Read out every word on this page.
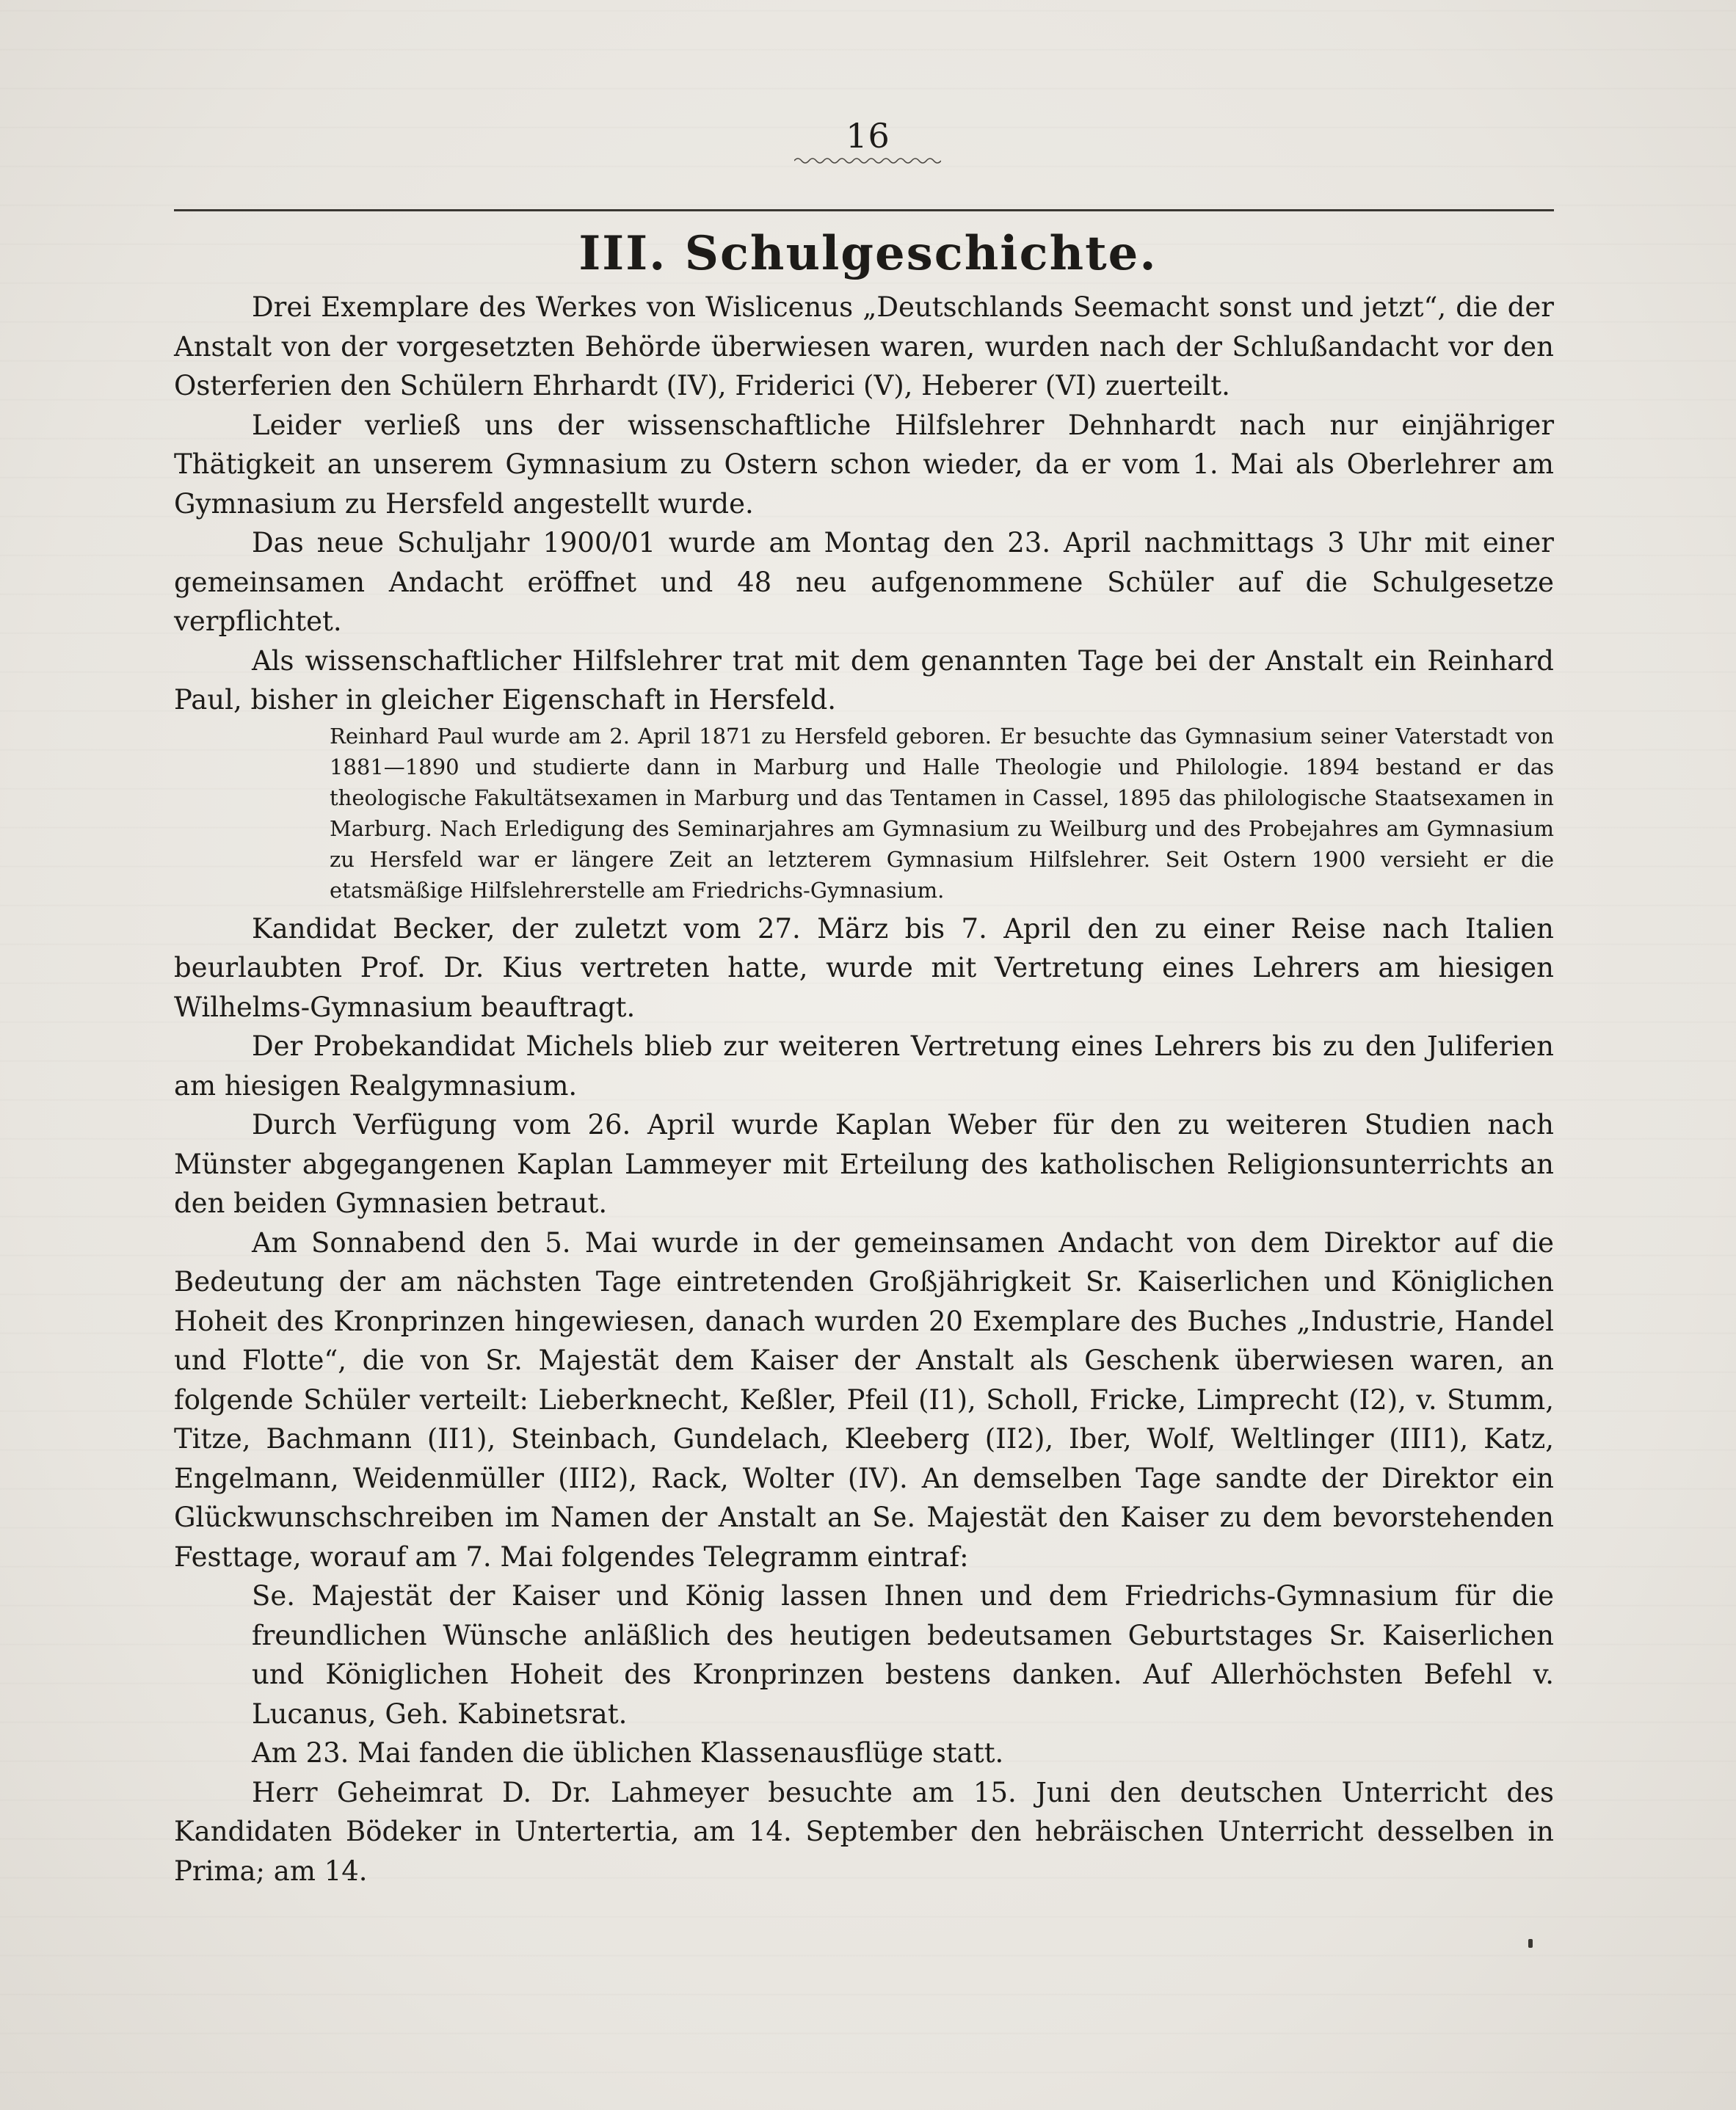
16
III. Schulgeschichte.

Drei Exemplare des Werkes von Wislicenus „Deutschlands Seemacht sonst und jetzt“, die der Anstalt von der vorgesetzten Behörde überwiesen waren, wurden nach der Schlußandacht vor den Osterferien den Schülern Ehrhardt (IV), Friderici (V), Heberer (VI) zuerteilt.

Leider verließ uns der wissenschaftliche Hilfslehrer Dehnhardt nach nur einjähriger Thätigkeit an unserem Gymnasium zu Ostern schon wieder, da er vom 1. Mai als Oberlehrer am Gymnasium zu Hersfeld angestellt wurde.

Das neue Schuljahr 1900/01 wurde am Montag den 23. April nachmittags 3 Uhr mit einer gemeinsamen Andacht eröffnet und 48 neu aufgenommene Schüler auf die Schulgesetze verpflichtet.

Als wissenschaftlicher Hilfslehrer trat mit dem genannten Tage bei der Anstalt ein Reinhard Paul, bisher in gleicher Eigenschaft in Hersfeld.

Reinhard Paul wurde am 2. April 1871 zu Hersfeld geboren. Er besuchte das Gymnasium seiner Vaterstadt von 1881—1890 und studierte dann in Marburg und Halle Theologie und Philologie. 1894 bestand er das theologische Fakultätsexamen in Marburg und das Tentamen in Cassel, 1895 das philologische Staatsexamen in Marburg. Nach Erledigung des Seminarjahres am Gymnasium zu Weilburg und des Probejahres am Gymnasium zu Hersfeld war er längere Zeit an letzterem Gymnasium Hilfslehrer. Seit Ostern 1900 versieht er die etatsmäßige Hilfslehrerstelle am Friedrichs-Gymnasium.

Kandidat Becker, der zuletzt vom 27. März bis 7. April den zu einer Reise nach Italien beurlaubten Prof. Dr. Kius vertreten hatte, wurde mit Vertretung eines Lehrers am hiesigen Wilhelms-Gymnasium beauftragt.

Der Probekandidat Michels blieb zur weiteren Vertretung eines Lehrers bis zu den Juliferien am hiesigen Realgymnasium.

Durch Verfügung vom 26. April wurde Kaplan Weber für den zu weiteren Studien nach Münster abgegangenen Kaplan Lammeyer mit Erteilung des katholischen Religionsunterrichts an den beiden Gymnasien betraut.

Am Sonnabend den 5. Mai wurde in der gemeinsamen Andacht von dem Direktor auf die Bedeutung der am nächsten Tage eintretenden Großjährigkeit Sr. Kaiserlichen und Königlichen Hoheit des Kronprinzen hingewiesen, danach wurden 20 Exemplare des Buches „Industrie, Handel und Flotte“, die von Sr. Majestät dem Kaiser der Anstalt als Geschenk überwiesen waren, an folgende Schüler verteilt: Lieberknecht, Keßler, Pfeil (I1), Scholl, Fricke, Limprecht (I2), v. Stumm, Titze, Bachmann (II1), Steinbach, Gundelach, Kleeberg (II2), Iber, Wolf, Weltlinger (III1), Katz, Engelmann, Weidenmüller (III2), Rack, Wolter (IV). An demselben Tage sandte der Direktor ein Glückwunschschreiben im Namen der Anstalt an Se. Majestät den Kaiser zu dem bevorstehenden Festtage, worauf am 7. Mai folgendes Telegramm eintraf:

Se. Majestät der Kaiser und König lassen Ihnen und dem Friedrichs-Gymnasium für die freundlichen Wünsche anläßlich des heutigen bedeutsamen Geburtstages Sr. Kaiserlichen und Königlichen Hoheit des Kronprinzen bestens danken. Auf Allerhöchsten Befehl v. Lucanus, Geh. Kabinetsrat.

Am 23. Mai fanden die üblichen Klassenausflüge statt.

Herr Geheimrat D. Dr. Lahmeyer besuchte am 15. Juni den deutschen Unterricht des Kandidaten Bödeker in Untertertia, am 14. September den hebräischen Unterricht desselben in Prima; am 14.
